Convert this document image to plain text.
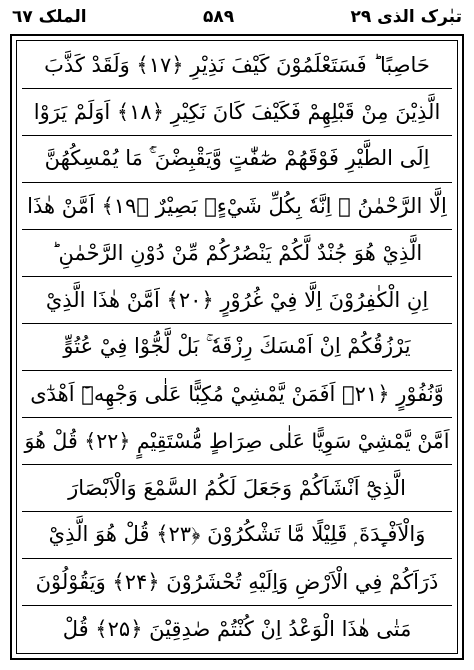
تبٰرک الذی ۲۹
۵۸۹
الملک ٦٧
حَاصِبًا ؕ فَسَتَعْلَمُوْنَ كَيْفَ نَذِيْرِ ﴿۱۷﴾ وَلَقَدْ كَذَّبَ
الَّذِيْنَ مِنْ قَبْلِهِمْ فَكَيْفَ كَانَ نَكِيْرِ ﴿۱۸﴾ اَوَلَمْ يَرَوْا
اِلَى الطَّيْرِ فَوْقَهُمْ صٰٓفّٰتٍ وَّيَقْبِضْنَ ۘۚ مَا يُمْسِكُهُنَّ
اِلَّا الرَّحْمٰنُ ۭ اِنَّهٗ بِكُلِّ شَيْءٍۢ بَصِيْرٌ ﴿۱۹﴾ اَمَّنْ هٰذَا
الَّذِيْ هُوَ جُنْدٌ لَّكُمْ يَنْصُرُكُمْ مِّنْ دُوْنِ الرَّحْمٰنِ ؕ
اِنِ الْكٰفِرُوْنَ اِلَّا فِيْ غُرُوْرٍ ﴿۲۰﴾ اَمَّنْ هٰذَا الَّذِيْ
يَرْزُقُكُمْ اِنْ اَمْسَكَ رِزْقَهٗ ۚ بَلْ لَّجُّوْا فِيْ عُتُوٍّ
وَّنُفُوْرٍ ﴿۲۱﴾ اَفَمَنْ يَّمْشِيْ مُكِبًّا عَلٰى وَجْهِهٖٓ اَهْدٰٓى
اَمَّنْ يَّمْشِيْ سَوِيًّا عَلٰى صِرَاطٍ مُّسْتَقِيْمٍ ﴿۲۲﴾ قُلْ هُوَ
الَّذِيْٓ اَنْشَاَكُمْ وَجَعَلَ لَكُمُ السَّمْعَ وَالْاَبْصَارَ
وَالْاَفْـِٕدَةَ ۭ قَلِيْلًا مَّا تَشْكُرُوْنَ ﴿۲۳﴾ قُلْ هُوَ الَّذِيْ
ذَرَاَكُمْ فِي الْاَرْضِ وَاِلَيْهِ تُحْشَرُوْنَ ﴿۲۴﴾ وَيَقُوْلُوْنَ
مَتٰى هٰذَا الْوَعْدُ اِنْ كُنْتُمْ صٰدِقِيْنَ ﴿۲۵﴾ قُلْ
